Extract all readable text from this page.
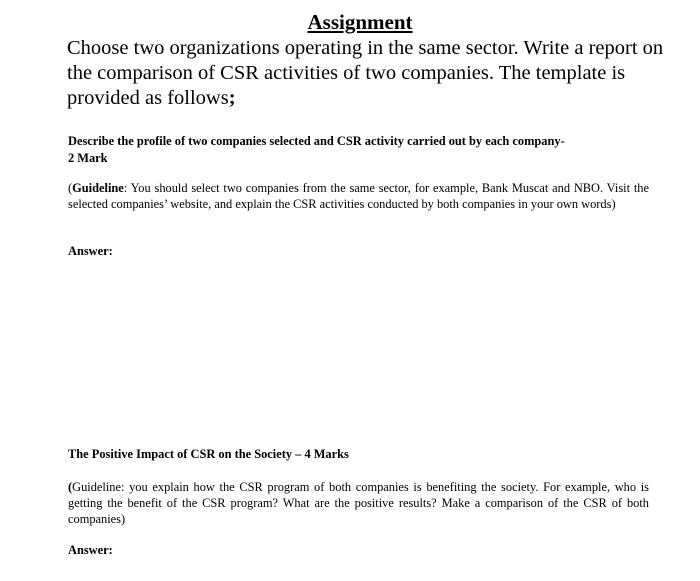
Assignment
Choose two organizations operating in the same sector. Write a report on the comparison of CSR activities of two companies. The template is provided as follows;
Describe the profile of two companies selected and CSR activity carried out by each company-
2 Mark
(Guideline: You should select two companies from the same sector, for example, Bank Muscat and NBO. Visit the selected companies’ website, and explain the CSR activities conducted by both companies in your own words)
Answer:
The Positive Impact of CSR on the Society – 4 Marks
(Guideline: you explain how the CSR program of both companies is benefiting the society. For example, who is getting the benefit of the CSR program? What are the positive results? Make a comparison of the CSR of both companies)
Answer:
